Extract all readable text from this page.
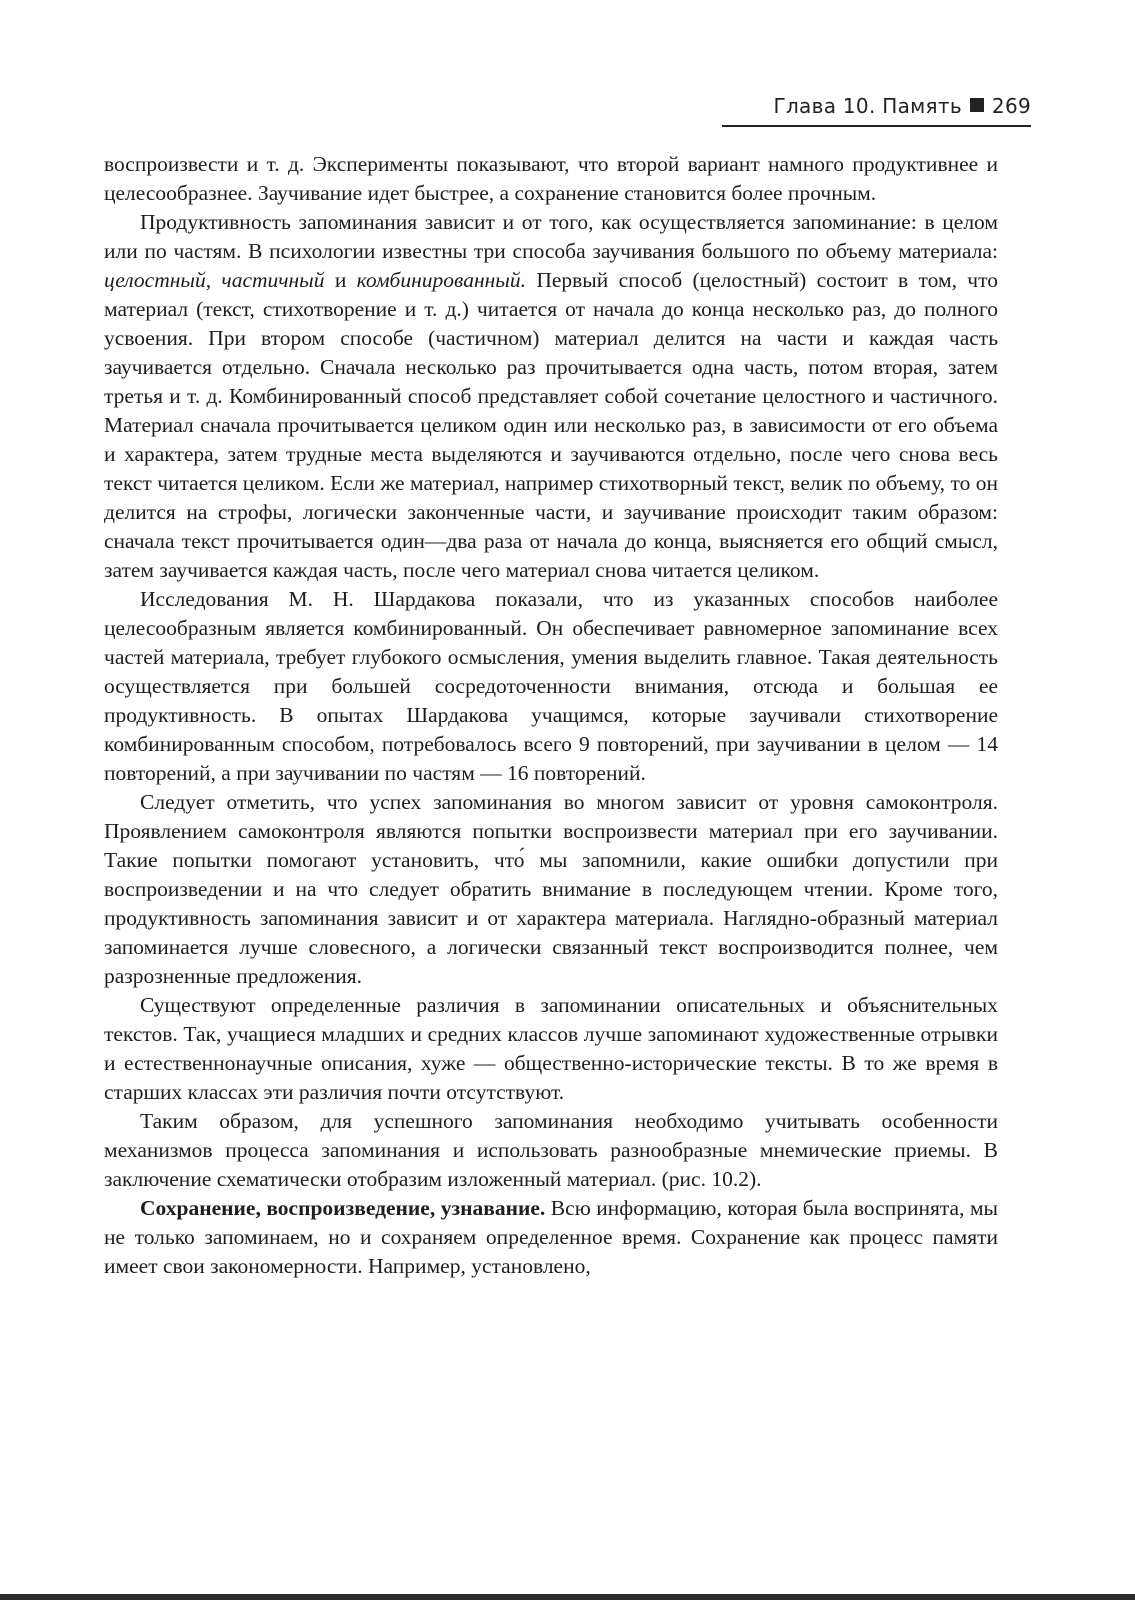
Глава 10. Память 269

воспроизвести и т. д. Эксперименты показывают, что второй вариант намного продуктивнее и целесообразнее. Заучивание идет быстрее, а сохранение становится более прочным.

Продуктивность запоминания зависит и от того, как осуществляется запоминание: в целом или по частям. В психологии известны три способа заучивания большого по объему материала: целостный, частичный и комбинированный. Первый способ (целостный) состоит в том, что материал (текст, стихотворение и т. д.) читается от начала до конца несколько раз, до полного усвоения. При втором способе (частичном) материал делится на части и каждая часть заучивается отдельно. Сначала несколько раз прочитывается одна часть, потом вторая, затем третья и т. д. Комбинированный способ представляет собой сочетание целостного и частичного. Материал сначала прочитывается целиком один или несколько раз, в зависимости от его объема и характера, затем трудные места выделяются и заучиваются отдельно, после чего снова весь текст читается целиком. Если же материал, например стихотворный текст, велик по объему, то он делится на строфы, логически законченные части, и заучивание происходит таким образом: сначала текст прочитывается один—два раза от начала до конца, выясняется его общий смысл, затем заучивается каждая часть, после чего материал снова читается целиком.

Исследования М. Н. Шардакова показали, что из указанных способов наиболее целесообразным является комбинированный. Он обеспечивает равномерное запоминание всех частей материала, требует глубокого осмысления, умения выделить главное. Такая деятельность осуществляется при большей сосредоточенности внимания, отсюда и большая ее продуктивность. В опытах Шардакова учащимся, которые заучивали стихотворение комбинированным способом, потребовалось всего 9 повторений, при заучивании в целом — 14 повторений, а при заучивании по частям — 16 повторений.

Следует отметить, что успех запоминания во многом зависит от уровня самоконтроля. Проявлением самоконтроля являются попытки воспроизвести материал при его заучивании. Такие попытки помогают установить, что́ мы запомнили, какие ошибки допустили при воспроизведении и на что следует обратить внимание в последующем чтении. Кроме того, продуктивность запоминания зависит и от характера материала. Наглядно-образный материал запоминается лучше словесного, а логически связанный текст воспроизводится полнее, чем разрозненные предложения.

Существуют определенные различия в запоминании описательных и объяснительных текстов. Так, учащиеся младших и средних классов лучше запоминают художественные отрывки и естественнонаучные описания, хуже — общественно-исторические тексты. В то же время в старших классах эти различия почти отсутствуют.

Таким образом, для успешного запоминания необходимо учитывать особенности механизмов процесса запоминания и использовать разнообразные мнемические приемы. В заключение схематически отобразим изложенный материал. (рис. 10.2).

Сохранение, воспроизведение, узнавание. Всю информацию, которая была воспринята, мы не только запоминаем, но и сохраняем определенное время. Сохранение как процесс памяти имеет свои закономерности. Например, установлено,
